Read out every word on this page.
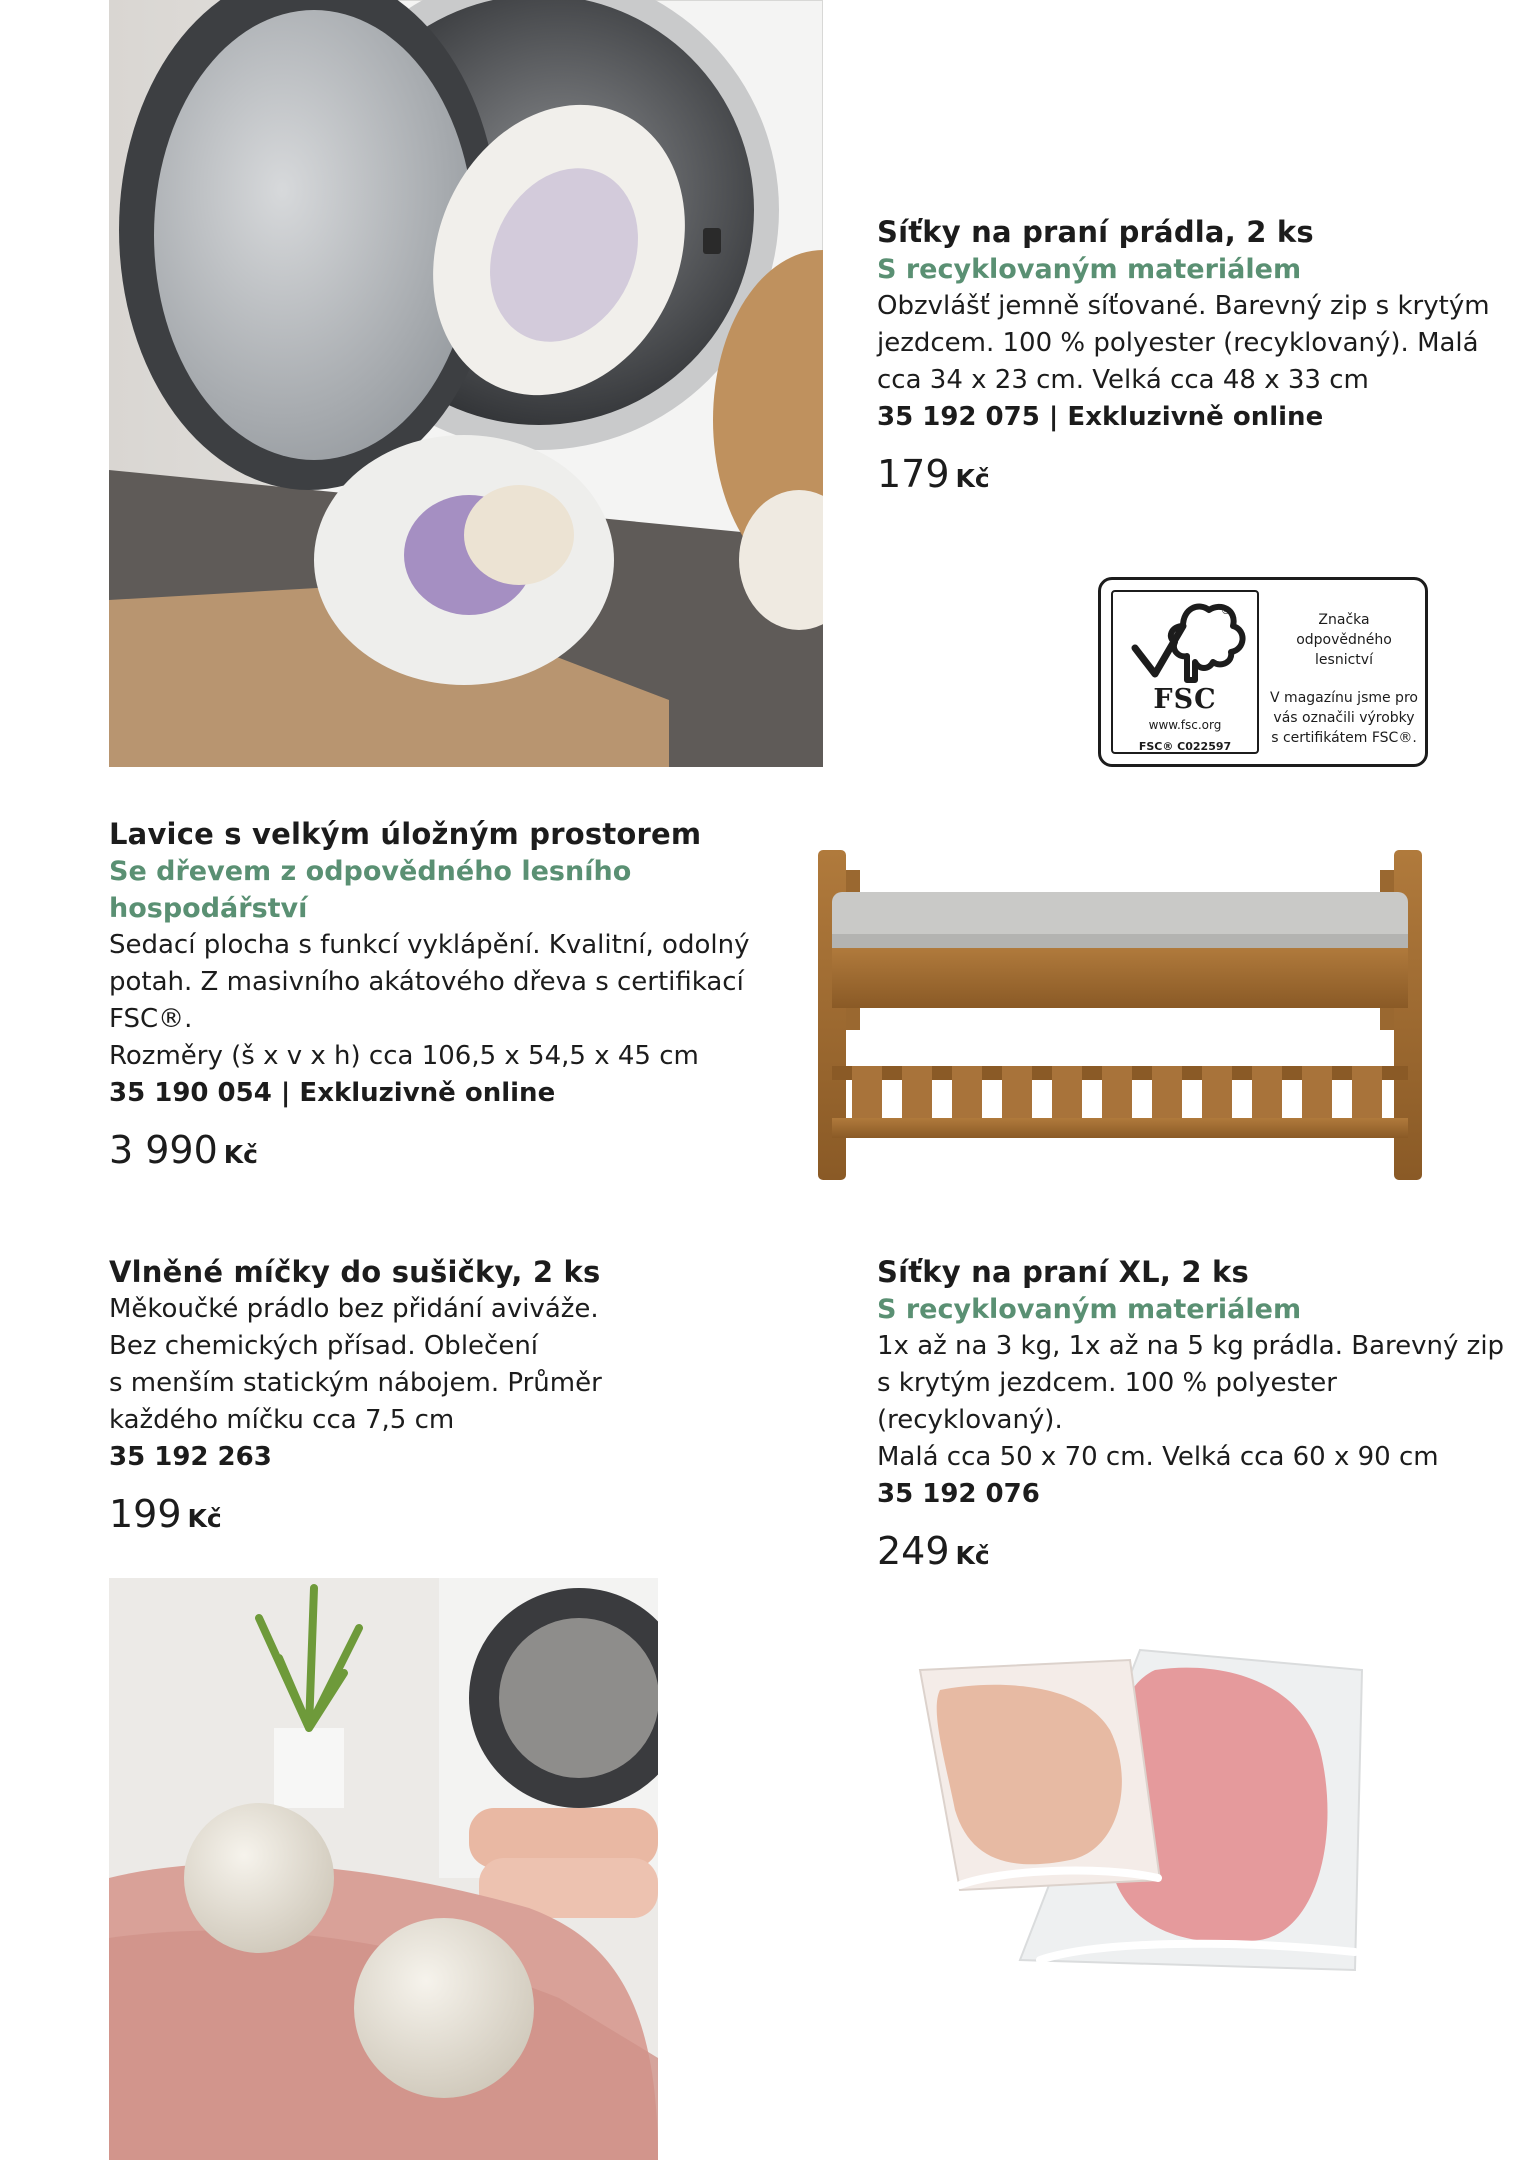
Síťky na praní prádla, 2 ks
S recyklovaným materiálem
Obzvlášť jemně síťované. Barevný zip s krytým
jezdcem. 100 % polyester (recyklovaný). Malá
cca 34 x 23 cm. Velká cca 48 x 33 cm
35 192 075 | Exkluzivně online
179 Kč
®
FSC
www.fsc.org
FSC® C022597
Značka odpovědného
lesnictví
V magazínu jsme pro
vás označili výrobky
s certifikátem FSC®.
Lavice s velkým úložným prostorem
Se dřevem z odpovědného lesního hospodářství
Sedací plocha s funkcí vyklápění. Kvalitní, odolný
potah. Z masivního akátového dřeva s certifikací FSC®.
Rozměry (š x v x h) cca 106,5 x 54,5 x 45 cm
35 190 054 | Exkluzivně online
3 990 Kč
Vlněné míčky do sušičky, 2 ks
Měkoučké prádlo bez přidání aviváže.
Bez chemických přísad. Oblečení
s menším statickým nábojem. Průměr
každého míčku cca 7,5 cm
35 192 263
199 Kč
Síťky na praní XL, 2 ks
S recyklovaným materiálem
1x až na 3 kg, 1x až na 5 kg prádla. Barevný zip
s krytým jezdcem. 100 % polyester (recyklovaný).
Malá cca 50 x 70 cm. Velká cca 60 x 90 cm
35 192 076
249 Kč
